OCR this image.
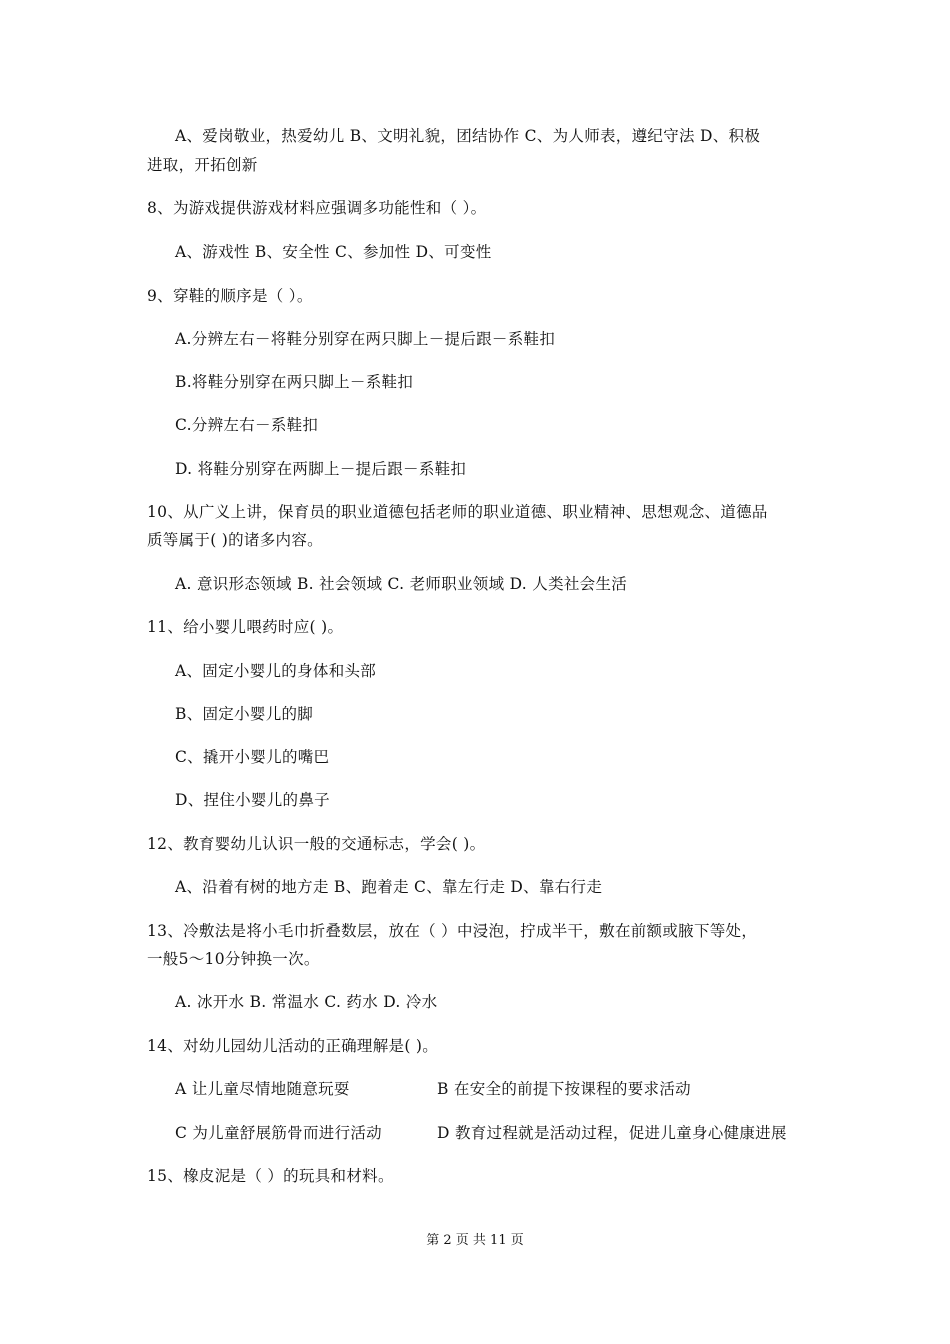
A、爱岗敬业，热爱幼儿 B、文明礼貌，团结协作 C、为人师表，遵纪守法 D、积极
进取，开拓创新
8、为游戏提供游戏材料应强调多功能性和（ ）。
A、游戏性 B、安全性 C、参加性 D、可变性
9、穿鞋的顺序是（ ）。
A.分辨左右－将鞋分别穿在两只脚上－提后跟－系鞋扣
B.将鞋分别穿在两只脚上－系鞋扣
C.分辨左右－系鞋扣
D. 将鞋分别穿在两脚上－提后跟－系鞋扣
10、从广义上讲，保育员的职业道德包括老师的职业道德、职业精神、思想观念、道德品
质等属于( )的诸多内容。
A. 意识形态领域 B. 社会领域 C. 老师职业领域 D. 人类社会生活
11、给小婴儿喂药时应( )。
A、固定小婴儿的身体和头部
B、固定小婴儿的脚
C、撬开小婴儿的嘴巴
D、捏住小婴儿的鼻子
12、教育婴幼儿认识一般的交通标志，学会( )。
A、沿着有树的地方走 B、跑着走 C、靠左行走 D、靠右行走
13、冷敷法是将小毛巾折叠数层，放在（ ）中浸泡，拧成半干，敷在前额或腋下等处，
一般5～10分钟换一次。
A. 冰开水 B. 常温水 C. 药水 D. 冷水
14、对幼儿园幼儿活动的正确理解是( )。
A 让儿童尽情地随意玩耍	B 在安全的前提下按课程的要求活动
C 为儿童舒展筋骨而进行活动	D 教育过程就是活动过程，促进儿童身心健康进展
15、橡皮泥是（ ）的玩具和材料。
第 2 页 共 11 页
